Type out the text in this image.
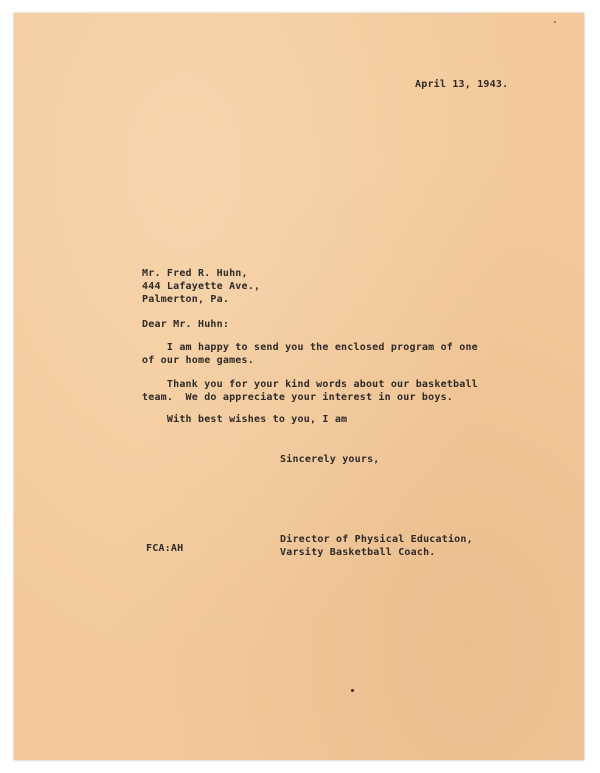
April 13, 1943.
Mr. Fred R. Huhn,
444 Lafayette Ave.,
Palmerton, Pa.
Dear Mr. Huhn:
I am happy to send you the enclosed program of one
of our home games.
Thank you for your kind words about our basketball
team.  We do appreciate your interest in our boys.
With best wishes to you, I am
Sincerely yours,
Director of Physical Education,
Varsity Basketball Coach.
FCA:AH
